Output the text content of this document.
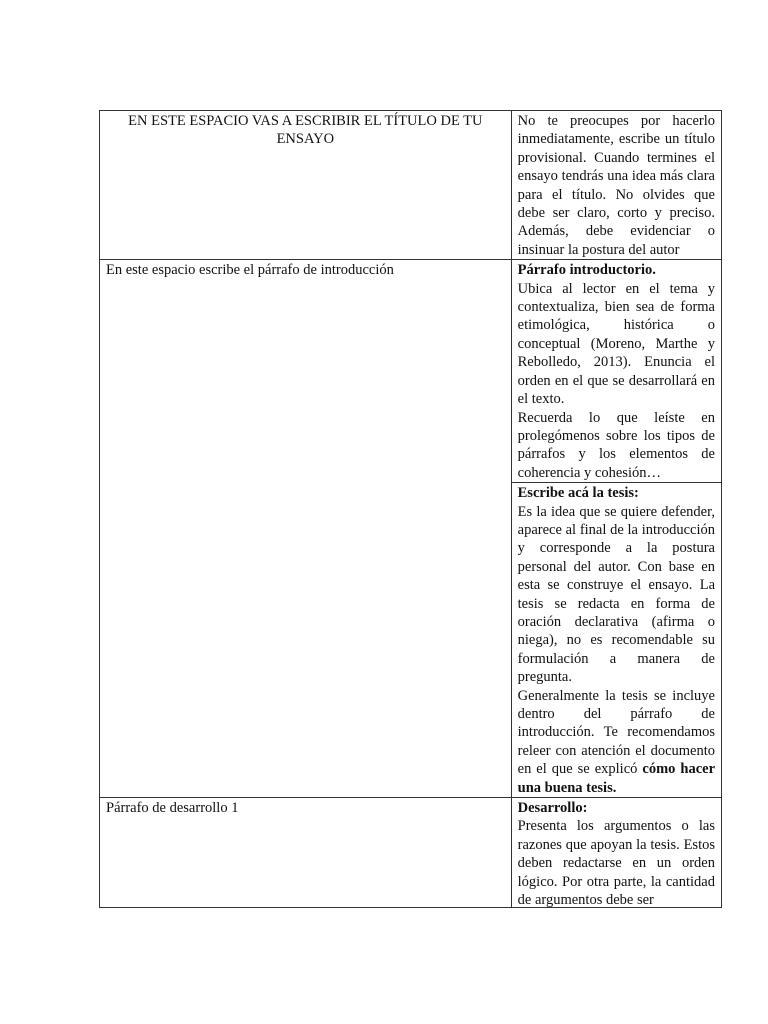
EN ESTE ESPACIO VAS A ESCRIBIR EL TÍTULO DE TU ENSAYO	No te preocupes por hacerlo inmediatamente, escribe un título provisional. Cuando termines el ensayo tendrás una idea más clara para el título. No olvides que debe ser claro, corto y preciso. Además, debe evidenciar o insinuar la postura del autor

En este espacio escribe el párrafo de introducción	Párrafo introductorio.

Ubica al lector en el tema y contextualiza, bien sea de forma etimológica, histórica o conceptual (Moreno, Marthe y Rebolledo, 2013). Enuncia el orden en el que se desarrollará en el texto.

Recuerda lo que leíste en prolegómenos sobre los tipos de párrafos y los elementos de coherencia y cohesión…

	Escribe acá la tesis:

Es la idea que se quiere defender, aparece al final de la introducción y corresponde a la postura personal del autor. Con base en esta se construye el ensayo. La tesis se redacta en forma de oración declarativa (afirma o niega), no es recomendable su formulación a manera de pregunta.

Generalmente la tesis se incluye dentro del párrafo de introducción. Te recomendamos releer con atención el documento en el que se explicó cómo hacer una buena tesis.

Párrafo de desarrollo 1	Desarrollo:

Presenta los argumentos o las razones que apoyan la tesis. Estos deben redactarse en un orden lógico. Por otra parte, la cantidad de argumentos debe ser
